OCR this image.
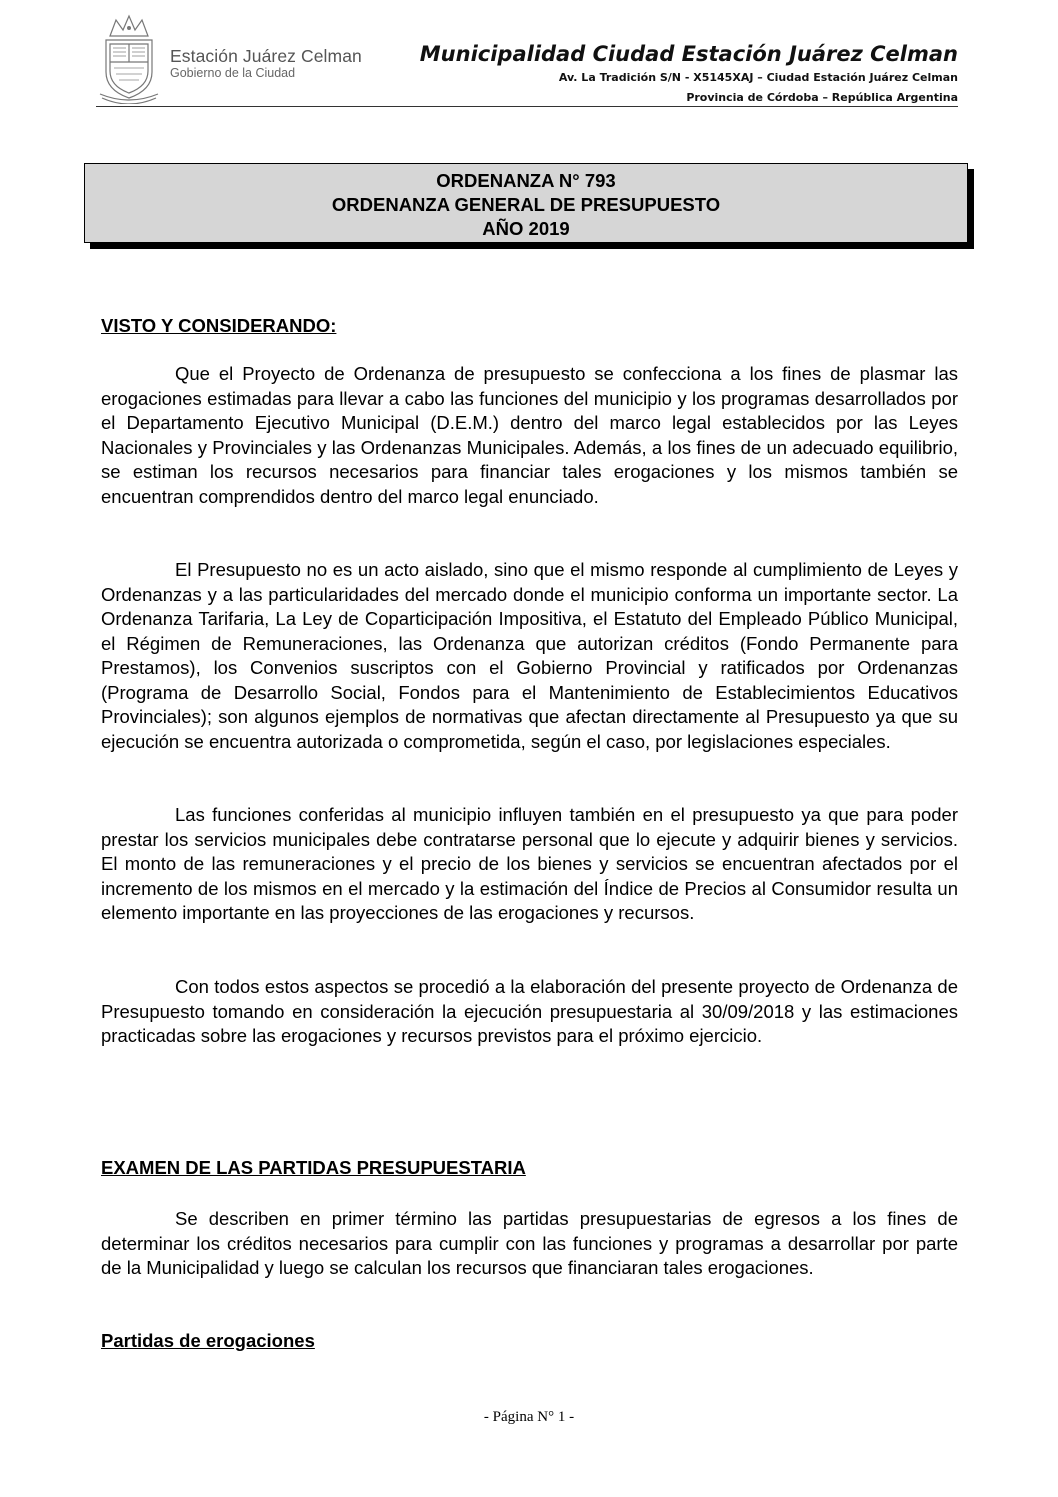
Estación Juárez Celman
Gobierno de la Ciudad
Municipalidad Ciudad Estación Juárez Celman
Av. La Tradición S/N - X5145XAJ – Ciudad Estación Juárez Celman
Provincia de Córdoba – República Argentina
ORDENANZA N° 793
ORDENANZA GENERAL DE PRESUPUESTO
AÑO 2019
VISTO Y CONSIDERANDO:

Que el Proyecto de Ordenanza de presupuesto se confecciona a los fines de plasmar las erogaciones estimadas para llevar a cabo las funciones del municipio y los programas desarrollados por el Departamento Ejecutivo Municipal (D.E.M.) dentro del marco legal establecidos por las Leyes Nacionales y Provinciales y las Ordenanzas Municipales. Además, a los fines de un adecuado equilibrio, se estiman los recursos necesarios para financiar tales erogaciones y los mismos también se encuentran comprendidos dentro del marco legal enunciado.

El Presupuesto no es un acto aislado, sino que el mismo responde al cumplimiento de Leyes y Ordenanzas y a las particularidades del mercado donde el municipio conforma un importante sector. La Ordenanza Tarifaria, La Ley de Coparticipación Impositiva, el Estatuto del Empleado Público Municipal, el Régimen de Remuneraciones, las Ordenanza que autorizan créditos (Fondo Permanente para Prestamos), los Convenios suscriptos con el Gobierno Provincial y ratificados por Ordenanzas (Programa de Desarrollo Social, Fondos para el Mantenimiento de Establecimientos Educativos Provinciales); son algunos ejemplos de normativas que afectan directamente al Presupuesto ya que su ejecución se encuentra autorizada o comprometida, según el caso, por legislaciones especiales.

Las funciones conferidas al municipio influyen también en el presupuesto ya que para poder prestar los servicios municipales debe contratarse personal que lo ejecute y adquirir bienes y servicios. El monto de las remuneraciones y el precio de los bienes y servicios se encuentran afectados por el incremento de los mismos en el mercado y la estimación del Índice de Precios al Consumidor resulta un elemento importante en las proyecciones de las erogaciones y recursos.

Con todos estos aspectos se procedió a la elaboración del presente proyecto de Ordenanza de Presupuesto tomando en consideración la ejecución presupuestaria al 30/09/2018 y las estimaciones practicadas sobre las erogaciones y recursos previstos para el próximo ejercicio.

EXAMEN DE LAS PARTIDAS PRESUPUESTARIA

Se describen en primer término las partidas presupuestarias de egresos a los fines de determinar los créditos necesarios para cumplir con las funciones y programas a desarrollar por parte de la Municipalidad y luego se calculan los recursos que financiaran tales erogaciones.

Partidas de erogaciones
- Página N° 1 -
